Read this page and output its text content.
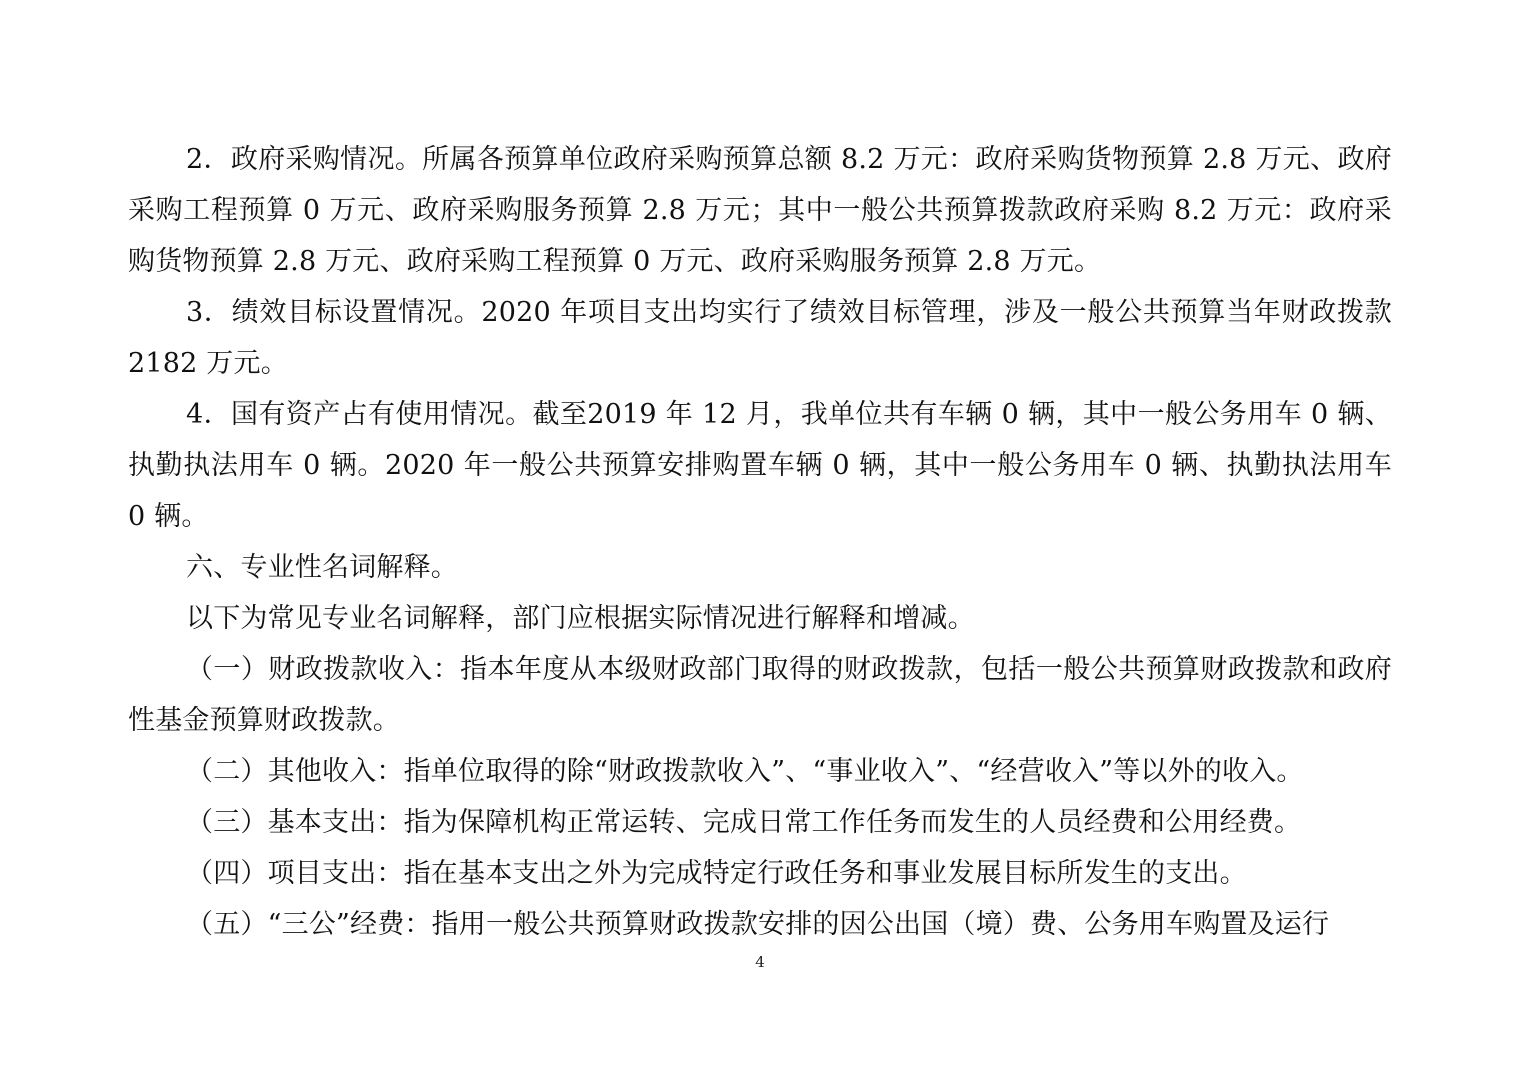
2．政府采购情况。所属各预算单位政府采购预算总额 8.2 万元：政府采购货物预算 2.8 万元、政府采购工程预算 0 万元、政府采购服务预算 2.8 万元；其中一般公共预算拨款政府采购 8.2 万元：政府采购货物预算 2.8 万元、政府采购工程预算 0 万元、政府采购服务预算 2.8 万元。

3．绩效目标设置情况。2020 年项目支出均实行了绩效目标管理，涉及一般公共预算当年财政拨款 2182 万元。

4．国有资产占有使用情况。截至2019 年 12 月，我单位共有车辆 0 辆，其中一般公务用车 0 辆、执勤执法用车 0 辆。2020 年一般公共预算安排购置车辆 0 辆，其中一般公务用车 0 辆、执勤执法用车 0 辆。

六、专业性名词解释。

以下为常见专业名词解释，部门应根据实际情况进行解释和增减。

（一）财政拨款收入：指本年度从本级财政部门取得的财政拨款，包括一般公共预算财政拨款和政府性基金预算财政拨款。

（二）其他收入：指单位取得的除“财政拨款收入”、“事业收入”、“经营收入”等以外的收入。

（三）基本支出：指为保障机构正常运转、完成日常工作任务而发生的人员经费和公用经费。

（四）项目支出：指在基本支出之外为完成特定行政任务和事业发展目标所发生的支出。

（五）“三公”经费：指用一般公共预算财政拨款安排的因公出国（境）费、公务用车购置及运行

4
